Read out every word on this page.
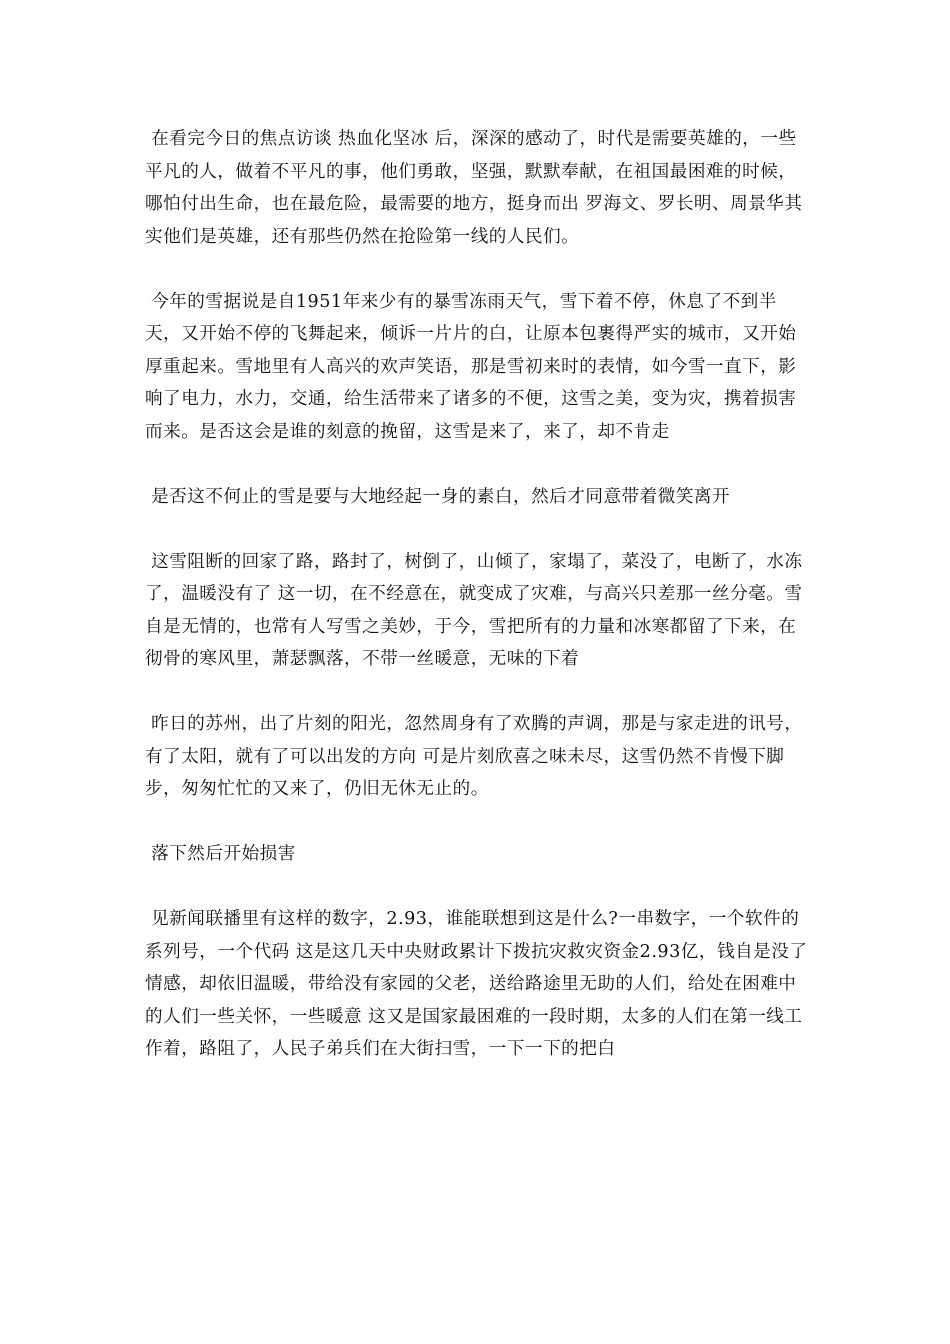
在看完今日的焦点访谈 热血化坚冰 后，深深的感动了，时代是需要英雄的，一些平凡的人，做着不平凡的事，他们勇敢，坚强，默默奉献，在祖国最困难的时候，哪怕付出生命，也在最危险，最需要的地方，挺身而出 罗海文、罗长明、周景华其实他们是英雄，还有那些仍然在抢险第一线的人民们。

今年的雪据说是自1951年来少有的暴雪冻雨天气，雪下着不停，休息了不到半天，又开始不停的飞舞起来，倾诉一片片的白，让原本包裹得严实的城市，又开始厚重起来。雪地里有人高兴的欢声笑语，那是雪初来时的表情，如今雪一直下，影响了电力，水力，交通，给生活带来了诸多的不便，这雪之美，变为灾，携着损害而来。是否这会是谁的刻意的挽留，这雪是来了，来了，却不肯走

是否这不何止的雪是要与大地经起一身的素白，然后才同意带着微笑离开

这雪阻断的回家了路，路封了，树倒了，山倾了，家塌了，菜没了，电断了，水冻了，温暖没有了 这一切，在不经意在，就变成了灾难，与高兴只差那一丝分毫。雪自是无情的，也常有人写雪之美妙，于今，雪把所有的力量和冰寒都留了下来，在彻骨的寒风里，萧瑟飘落，不带一丝暖意，无味的下着

昨日的苏州，出了片刻的阳光，忽然周身有了欢腾的声调，那是与家走进的讯号，有了太阳，就有了可以出发的方向 可是片刻欣喜之味未尽，这雪仍然不肯慢下脚步，匆匆忙忙的又来了，仍旧无休无止的。

落下然后开始损害

见新闻联播里有这样的数字，2.93，谁能联想到这是什么?一串数字，一个软件的系列号，一个代码 这是这几天中央财政累计下拨抗灾救灾资金2.93亿，钱自是没了情感，却依旧温暖，带给没有家园的父老，送给路途里无助的人们，给处在困难中的人们一些关怀，一些暖意 这又是国家最困难的一段时期，太多的人们在第一线工作着，路阻了，人民子弟兵们在大街扫雪，一下一下的把白
